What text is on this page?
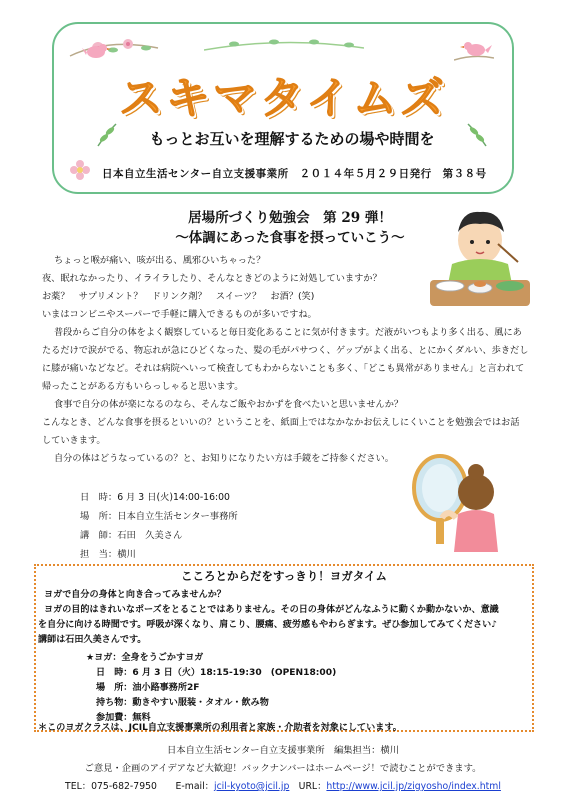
スキマタイムズ
もっとお互いを理解するための場や時間を
日本自立生活センター自立支援事業所　２０１４年５月２９日発行　第３８号
居場所づくり勉強会　第 29 弾！
～体調にあった食事を摂っていこう～
ちょっと喉が痛い、咳が出る、風邪ひいちゃった？
夜、眠れなかったり、イライラしたり、そんなときどのように対処していますか？
お薬？　サプリメント？　ドリンク剤？　スイーツ？　お酒？(笑)
いまはコンビニやスーパーで手軽に購入できるものが多いですね。
普段からご自分の体をよく観察していると毎日変化あることに気が付きます。だ液がいつもより多く出る、風にあ
たるだけで涙がでる、物忘れが急にひどくなった、髪の毛がパサつく、ゲップがよく出る、とにかくダルい、歩きだし
に膝が痛いなどなど。それは病院へいって検査してもわからないことも多く、「どこも異常がありません」と言われて
帰ったことがある方もいらっしゃると思います。
食事で自分の体が楽になるのなら、そんなご飯やおかずを食べたいと思いませんか？
こんなとき、どんな食事を摂るといいの？ということを、紙面上ではなかなかお伝えしにくいことを勉強会ではお話
していきます。
自分の体はどうなっているの？と、お知りになりたい方は手鏡をご持参ください。
日　時：6 月 3 日(火)14:00-16:00
場　所：日本自立生活センター事務所
講　師：石田　久美さん
担　当：横川
こころとからだをすっきり！ヨガタイム
ヨガで自分の身体と向き合ってみませんか？
ヨガの目的はきれいなポーズをとることではありません。その日の身体がどんなふうに動くか動かないか、意識
を自分に向ける時間です。呼吸が深くなり、肩こり、腰痛、疲労感もやわらぎます。ぜひ参加してみてください♪
講師は石田久美さんです。
★ヨガ：全身をうごかすヨガ
日　時：6 月 3 日（火）18:15-19:30　(OPEN18:00)
場　所：油小路事務所2F
持ち物：動きやすい服装・タオル・飲み物
参加費：無料
＊このヨガクラスは、JCIL自立支援事業所の利用者と家族・介助者を対象にしています。
日本自立生活センター自立支援事業所　編集担当：横川
ご意見・企画のアイデアなど大歓迎！バックナンバーはホームページ！で読むことができます。
TEL：075-682-7950　　E-mail：jcil-kyoto@jcil.jp　URL：http://www.jcil.jp/zigyosho/index.html
